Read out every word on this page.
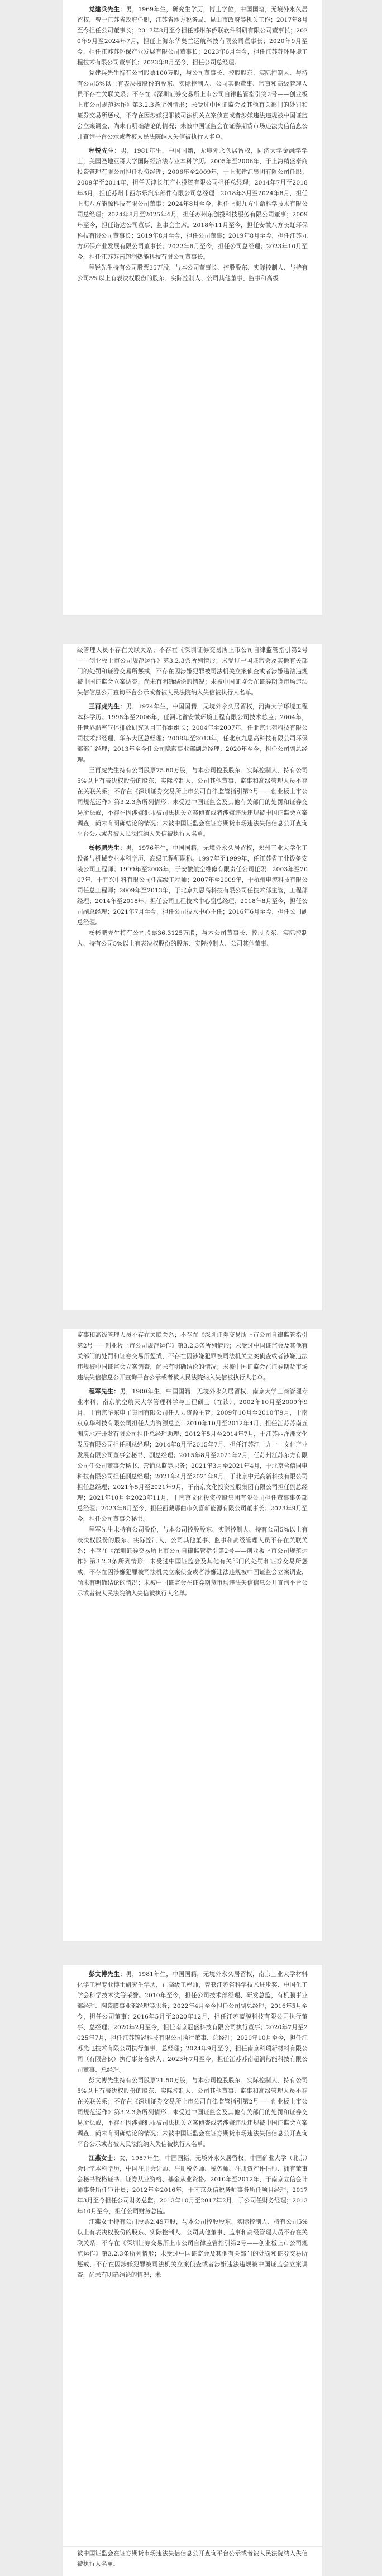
党建兵先生：男，1969年生，研究生学历，博士学位，中国国籍，无境外永久居留权，曾于江苏省政府任职，江苏省地方税务局、昆山市政府等机关工作；2017年8月至今担任公司董事长；2017年8月至今担任苏州东侨联软件科研有限公司董事长；2020年9月至2024年7月，担任上海东华奥兰运航科技有限公司董事长；2020年9月至今，担任江苏苏环保产业发展有限公司董事长；2023年6月至今，担任江苏苏环环境工程技术有限公司董事长；2023年8月至今，担任公司总经理。

党建兵先生持有公司股票100万股，与公司董事长、控股股东、实际控制人、与持有公司5%以上有表决权股份的股东、实际控制人、公司其他董事、监事和高级管理人员不存在关联关系；不存在《深圳证券交易所上市公司自律监管指引第2号——创业板上市公司规范运作》第3.2.3条所列情形；未受过中国证监会及其他有关部门的处罚和证券交易所惩戒，不存在因涉嫌犯罪被司法机关立案侦查或者涉嫌违法违规被中国证监会立案调查，尚未有明确结论的情况；未被中国证监会在证券期货市场违法失信信息公开查询平台公示或者被人民法院纳入失信被执行人名单。

程锐先生：男，1981年生，中国国籍，无境外永久居留权，同济大学金融学学士，美国圣地亚哥大学国际经济法专业本科学历。2005年至2006年，于上海精盛泰商投资管理有限公司担任投资经理；2006年至2009年，于上海建汇集团有限公司任职；2009年至2014年，担任天津长江产业投资有限公司担任总经理；2014年7月至2018年3月，担任苏州市西尔乐汽车部件有限公司总经理；2018年3月至2024年8月，担任上海八方能源科技有限公司董事；2024年8月至今，担任上海九方生命科学技术有限公司总经理；2024年8月至2025年4月，担任苏州东创投科技服务有限公司董事；2009年至今，担任诺达公司董事、监事会主席。2018年11月至今，担任安徽八方长虹环保科技有限公司董事长；2019年8月至今，担任公司董事；2019年8月至今，担任江苏九方环保产业发展有限公司董事长；2022年6月至今，担任公司总经理；2023年10月至今，担任江苏苏南超润热能科技有限公司董事长。

程锐先生持有公司股票35万股，与本公司董事长、控股股东、实际控制人、与持有公司5%以上有表决权股份的股东、实际控制人、公司其他董事、监事和高级

级管理人员不存在关联关系；不存在《深圳证券交易所上市公司自律监管指引第2号——创业板上市公司规范运作》第3.2.3条所列情形；未受过中国证监会及其他有关部门的处罚和证券交易所惩戒，不存在因涉嫌犯罪被司法机关立案侦查或者涉嫌违法违规被中国证监会立案调查，尚未有明确结论的情况；未被中国证监会在证券期货市场违法失信信息公开查询平台公示或者被人民法院纳入失信被执行人名单。

王再虎先生：男，1974年生，中国国籍，无境外永久居留权，河海大学环境工程本科学历。1998年至2006年，任河北省安徽环境工程有限公司技术总监；2004年，任世界温室气体排放研究项目工作组组长；2004年至2007年，任北京北苑科技有限公司技术部经理，华东大区总经理；2008年至2013年，任北京九思高科技有限公司环保部部门经理；2013年至今任公司隐蔽事业部副总经理；2020年至今，担任公司副总经理。

王再虎先生持有公司股票75.60万股，与本公司控股股东、实际控制人、持有公司5%以上有表决权股份的股东、实际控制人、公司其他董事、监事和高级管理人员不存在关联关系；不存在《深圳证券交易所上市公司自律监管指引第2号——创业板上市公司规范运作》第3.2.3条所列情形；未受过中国证监会及其他有关部门的处罚和证券交易所惩戒，不存在因涉嫌犯罪被司法机关立案侦查或者涉嫌违法违规被中国证监会立案调查，尚未有明确结论的情况；未被中国证监会在证券期货市场违法失信信息公开查询平台公示或者被人民法院纳入失信被执行人名单。

杨彬鹏先生：男，1976年生，中国国籍，无境外永久居留权，郑州工业大学化工设备与机械专业本科学历，高级工程师职称。1997年至1999年，任江苏省工业设备安装公司工程师；1999年至2003年，于安徽航空维修有限责任公司任职；2003年至2007年，于宜兴中科有限公司任高级工程师；2007年至2009年，于杭州电流科技有限公司任总工程师；2009年至2013年，于北京九思高科技有限公司任技术部主管，工程部经理；2014年至2018年，担任公司工程技术中心副总经理；2018年8月至今，担任公司副总经理；2021年7月至今，担任公司技术中心主任；2016年6月至今，担任公司副总经理。

杨彬鹏先生持有公司股票36.3125万股，与本公司董事长、控股股东、实际控制人、持有公司5%以上有表决权股份的股东、实际控制人、公司其他董事、

监事和高级管理人员不存在关联关系；不存在《深圳证券交易所上市公司自律监管指引第2号——创业板上市公司规范运作》第3.2.3条所列情形；未受过中国证监会及其他有关部门的处罚和证券交易所惩戒，不存在因涉嫌犯罪被司法机关立案侦查或者涉嫌违法违规被中国证监会立案调查，尚未有明确结论的情况；未被中国证监会在证券期货市场违法失信信息公开查询平台公示或者被人民法院纳入失信被执行人名单。

程军先生：男，1980年生，中国国籍，无境外永久居留权，南京大学工商管理专业本科，南京航空航天大学管理科学与工程硕士（在读）。2002年10月至2009年9月，于南京华东电子集团有限公司任人力资源主管；2009年10月至2010年9月，于南京京华科技有限公司担任人力资源总监；2010年10月至2012年4月，担任江苏苏南五洲房地产开发有限公司担任总经理助理；2012年5月至2014年7月，于江苏西洋洲文化发展有限公司担任副总经理；2014年8月至2015年7月，担任江苏江一九一一文化产业发展有限公司董事会秘书、副总经理；2015年8月至2021年2月，任苏州江苏东方有限公司任公司董事会秘书、营销总监等职务；2021年3月至2021年4月，于北京合信同电科技有限公司担任副总经理；2021年4月至2021年9月，于北京中元高新科技有限公司担任总经理；2021年5月至2021年9月，于南京文化投资控股集团有限公司担任副总经理；2021年10月至2023年11月，于南京文化投资控股集团有限公司担任董事事务部总经理；2023年6月至今，担任西藏那曲市久喜新能源有限公司董事长；2023年9月至今，担任公司董事会秘书。

程军先生未持有公司股份，与本公司控股股东、实际控制人、持有公司5%以上有表决权股份的股东、实际控制人、公司其他董事、监事和高级管理人员不存在关联关系；不存在《深圳证券交易所上市公司自律监管指引第2号——创业板上市公司规范运作》第3.2.3条所列情形；未受过中国证监会及其他有关部门的处罚和证券交易所惩戒，不存在因涉嫌犯罪被司法机关立案侦查或者涉嫌违法违规被中国证监会立案调查，尚未有明确结论的情况；未被中国证监会在证券期货市场违法失信信息公开查询平台公示或者被人民法院纳入失信被执行人名单。

彭文博先生：男，1981年生，中国国籍，无境外永久居留权，南京工业大学材料化学工程专业博士研究生学历，正高级工程师，曾获江苏省科学技术进步奖、中国化工学会科学技术奖等荣誉。2010年至今，担任公司技术部经理、研发总监，有机膜事业部经理、陶瓷膜事业部经理等职务；2022年4月至今担任公司副总经理；2016年5月至今，担任公司董事；2016年5月至2020年12月，担任江苏蓝膜科技有限公司执行董事、总经理；2020年2月至今，担任南京冠盛科技有限公司执行董事；2020年7月至2025年7月，担任江苏锦冠科技有限公司执行董事、总经理；2020年10月至今，担任江苏光电技术有限公司执行董事、总经理；2024年9月至今，担任南京科瑞新材料有限公司（有限合伙）执行事务合伙人；2023年7月至今，担任江苏苏南超润热能科技有限公司董事、总经理。

彭文博先生持有公司股票21.50万股，与本公司控股股东、实际控制人、持有公司5%以上有表决权股份的股东、实际控制人、公司其他董事、监事和高级管理人员不存在关联关系；不存在《深圳证券交易所上市公司自律监管指引第2号——创业板上市公司规范运作》第3.2.3条所列情形；未受过中国证监会及其他有关部门的处罚和证券交易所惩戒，不存在因涉嫌犯罪被司法机关立案侦查或者涉嫌违法违规被中国证监会立案调查，尚未有明确结论的情况；未被中国证监会在证券期货市场违法失信信息公开查询平台公示或者被人民法院纳入失信被执行人名单。

江燕女士：女，1987年生，中国国籍，无境外永久居留权，中国矿业大学（北京）会计学本科学历，中国注册会计师、注册税务师、税务师、注册资产评估师、拥有董事会秘书资格证书、证券从业资格、基金从业资格。2010年至2012年，于南京立信会计师事务所任审计员；2012年至2016年，于南京众信税务师事务所任项目经理；2017年3月至今担任公司财务总监。2013年10月至2017年2月，于公司任财务经理；2013年10月至今，担任公司财务总监。

江燕女士持有公司股票2.49万股，与本公司控股股东、实际控制人、持有公司5%以上有表决权股份的股东、实际控制人、公司其他董事、监事和高级管理人员不存在关联关系；不存在《深圳证券交易所上市公司自律监管指引第2号——创业板上市公司规范运作》第3.2.3条所列情形；未受过中国证监会及其他有关部门的处罚和证券交易所惩戒，不存在因涉嫌犯罪被司法机关立案侦查或者涉嫌违法违规被中国证监会立案调查，尚未有明确结论的情况；未

被中国证监会在证券期货市场违法失信信息公开查询平台公示或者被人民法院纳入失信被执行人名单。
